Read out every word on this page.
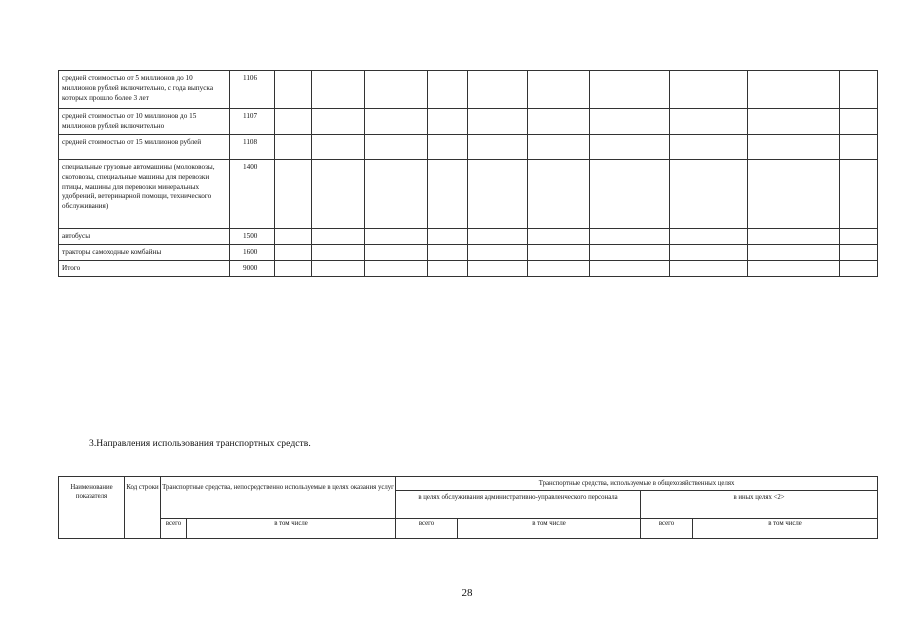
средней стоимостью от 5 миллионов до 10 миллионов рублей включительно, с года выпуска которых прошло более 3 лет	1106										
средней стоимостью от 10 миллионов до 15 миллионов рублей включительно	1107										
средней стоимостью от 15 миллионов рублей	1108										
специальные грузовые автомашины (молоковозы, скотовозы, специальные машины для перевозки птицы, машины для перевозки минеральных удобрений, ветеринарной помощи, технического обслуживания)	1400										
автобусы	1500										
тракторы самоходные комбайны	1600										
Итого	9000										
3.Направления использования транспортных средств.
Наименование показателя	Код строки	Транспортные средства, непосредственно используемые в целях оказания услуг		Транспортные средства, используемые в общехозяйственных целях			
				в целях обслуживания административно-управленческого персонала		в иных целях <2>	
		всего	в том числе	всего	в том числе	всего	в том числе
28
